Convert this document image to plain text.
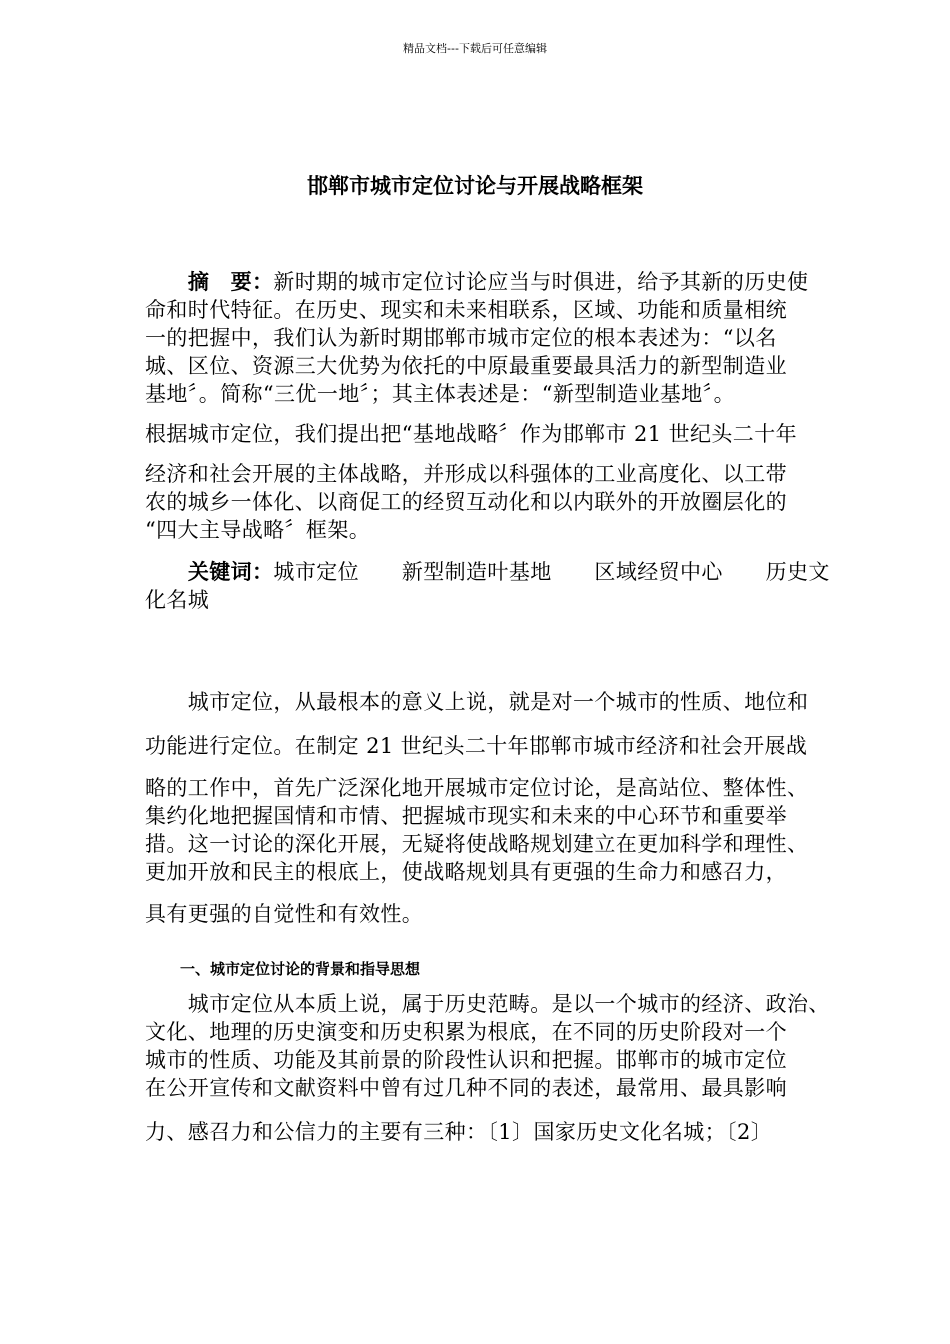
精品文档---下载后可任意编辑
邯郸市城市定位讨论与开展战略框架
　　摘　要：新时期的城市定位讨论应当与时俱进，给予其新的历史使
命和时代特征。在历史、现实和未来相联系，区域、功能和质量相统
一的把握中，我们认为新时期邯郸市城市定位的根本表述为：“以名
城、区位、资源三大优势为依托的中原最重要最具活力的新型制造业
基地〞。简称“三优一地〞；其主体表述是：“新型制造业基地〞。
根据城市定位，我们提出把“基地战略〞作为邯郸市 21 世纪头二十年
经济和社会开展的主体战略，并形成以科强体的工业高度化、以工带
农的城乡一体化、以商促工的经贸互动化和以内联外的开放圈层化的
“四大主导战略〞框架。
　　关键词：城市定位　　新型制造叶基地　　区域经贸中心　　历史文
化名城
　　城市定位，从最根本的意义上说，就是对一个城市的性质、地位和
功能进行定位。在制定 21 世纪头二十年邯郸市城市经济和社会开展战
略的工作中，首先广泛深化地开展城市定位讨论，是高站位、整体性、
集约化地把握国情和市情、把握城市现实和未来的中心环节和重要举
措。这一讨论的深化开展，无疑将使战略规划建立在更加科学和理性、
更加开放和民主的根底上，使战略规划具有更强的生命力和感召力，
具有更强的自觉性和有效性。
一、城市定位讨论的背景和指导思想
　　城市定位从本质上说，属于历史范畴。是以一个城市的经济、政治、
文化、地理的历史演变和历史积累为根底，在不同的历史阶段对一个
城市的性质、功能及其前景的阶段性认识和把握。邯郸市的城市定位
在公开宣传和文献资料中曾有过几种不同的表述，最常用、最具影响
力、感召力和公信力的主要有三种：〔1〕国家历史文化名城；〔2〕
